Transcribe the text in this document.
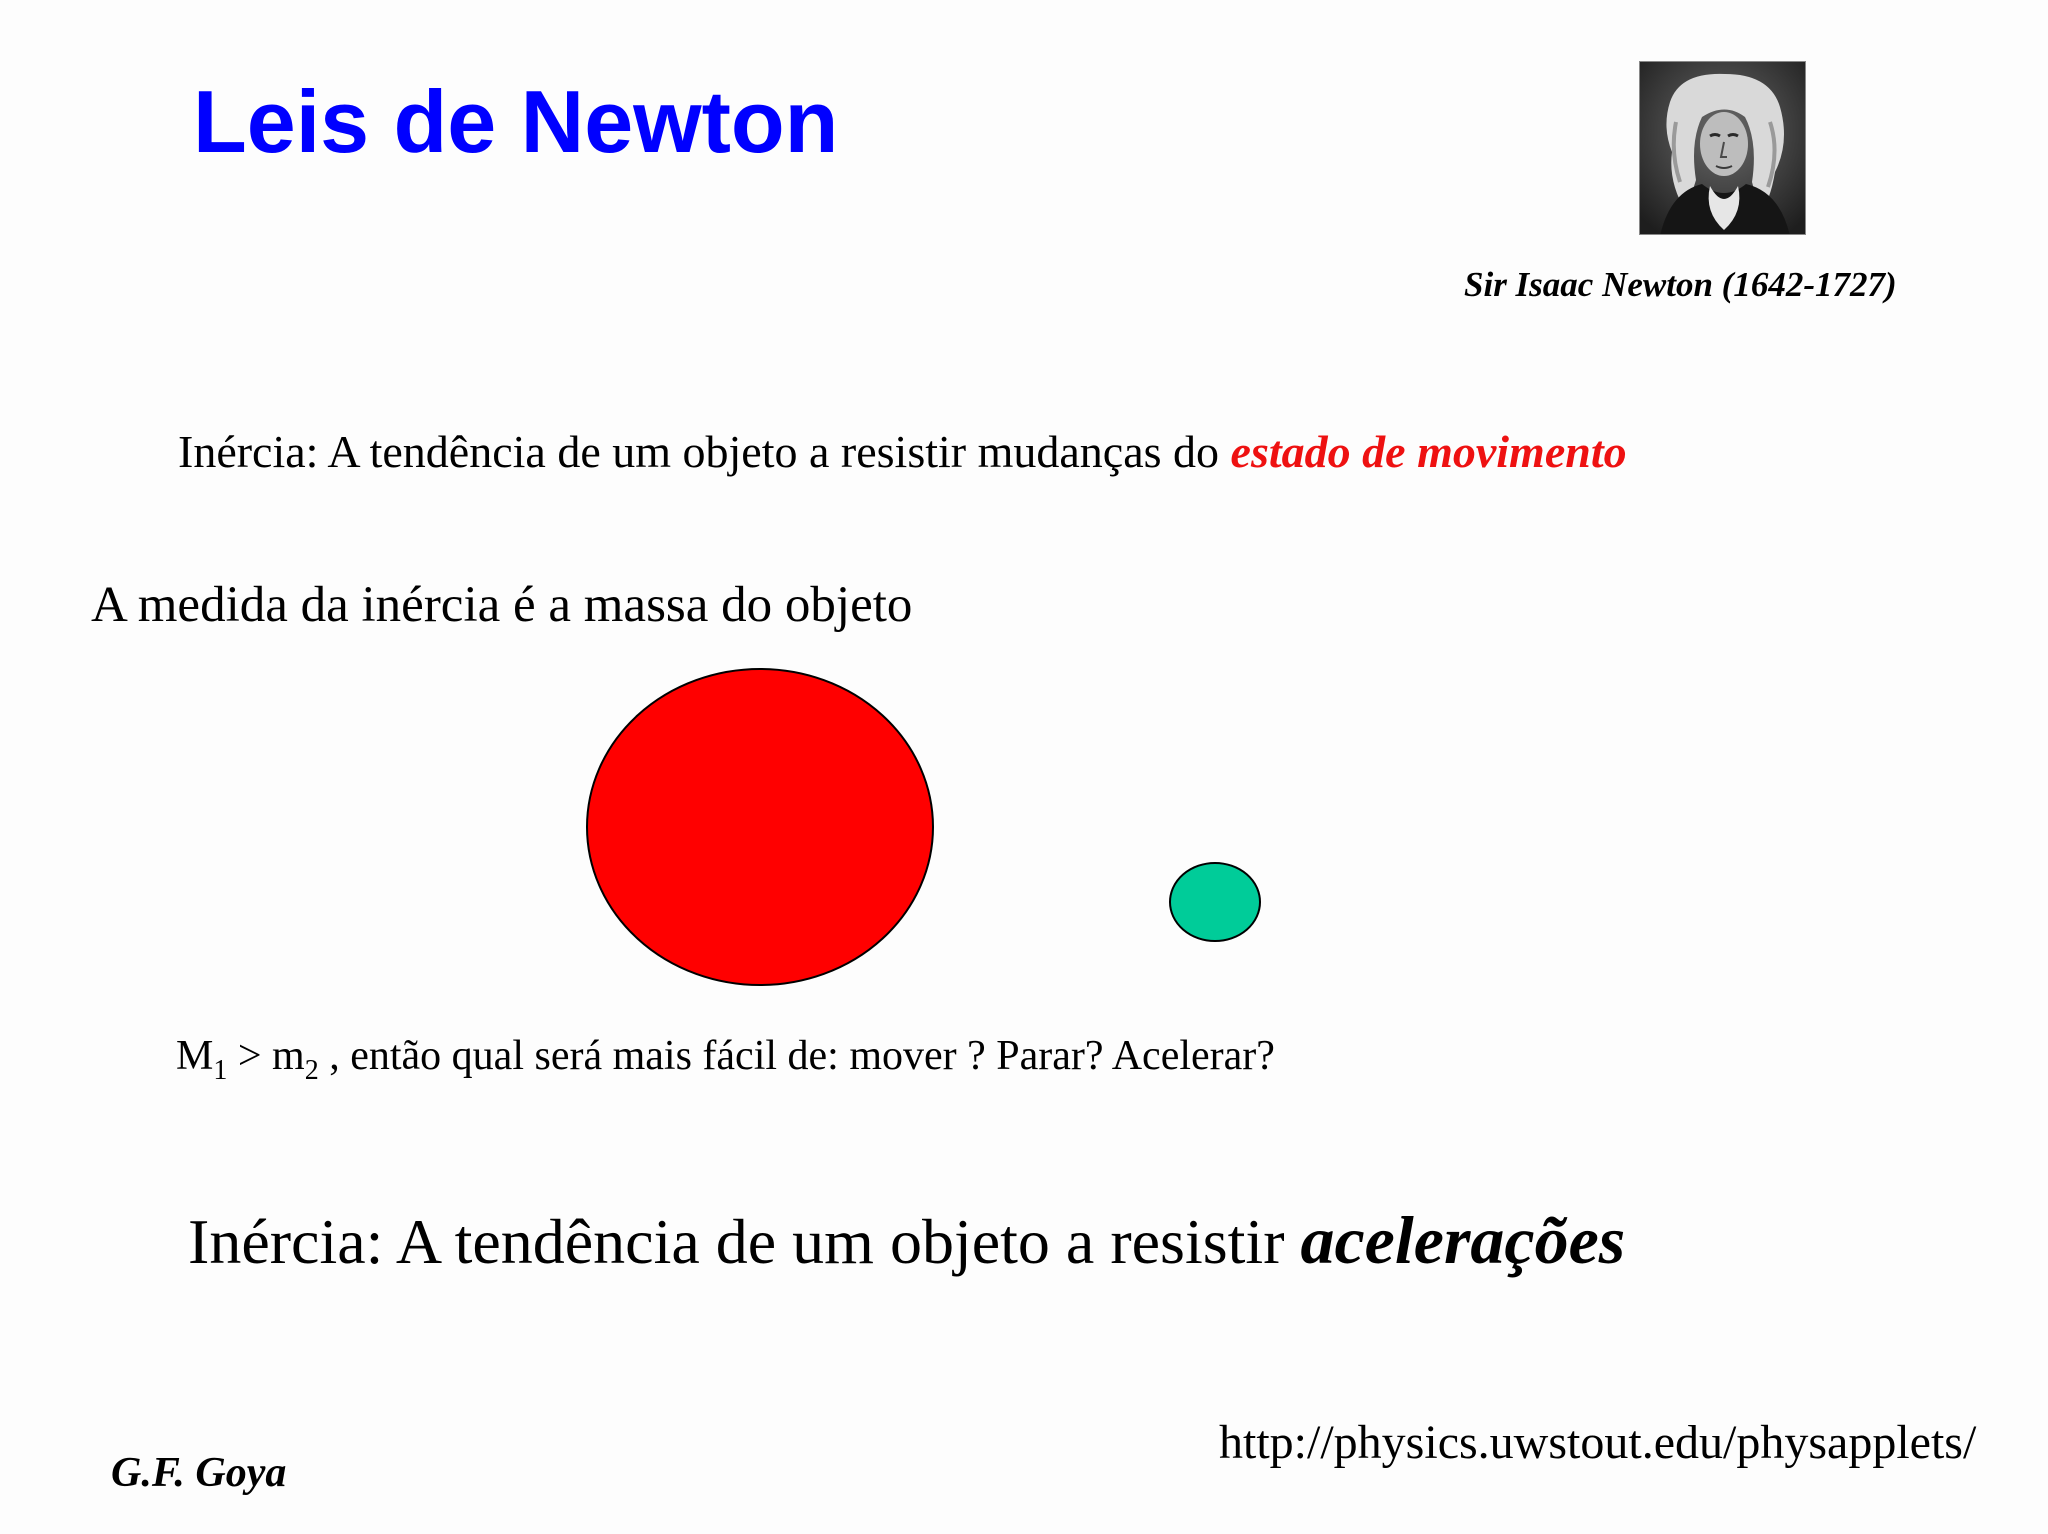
Leis de Newton
Sir Isaac Newton (1642-1727)
Inércia: A tendência de um objeto a resistir mudanças do estado de movimento
A medida da inércia é a massa do objeto
$M_1 > m_2$ , então qual será mais fácil de: mover ? Parar? Acelerar?
Inércia: A tendência de um objeto a resistir acelerações
G.F. Goya
http://physics.uwstout.edu/physapplets/
